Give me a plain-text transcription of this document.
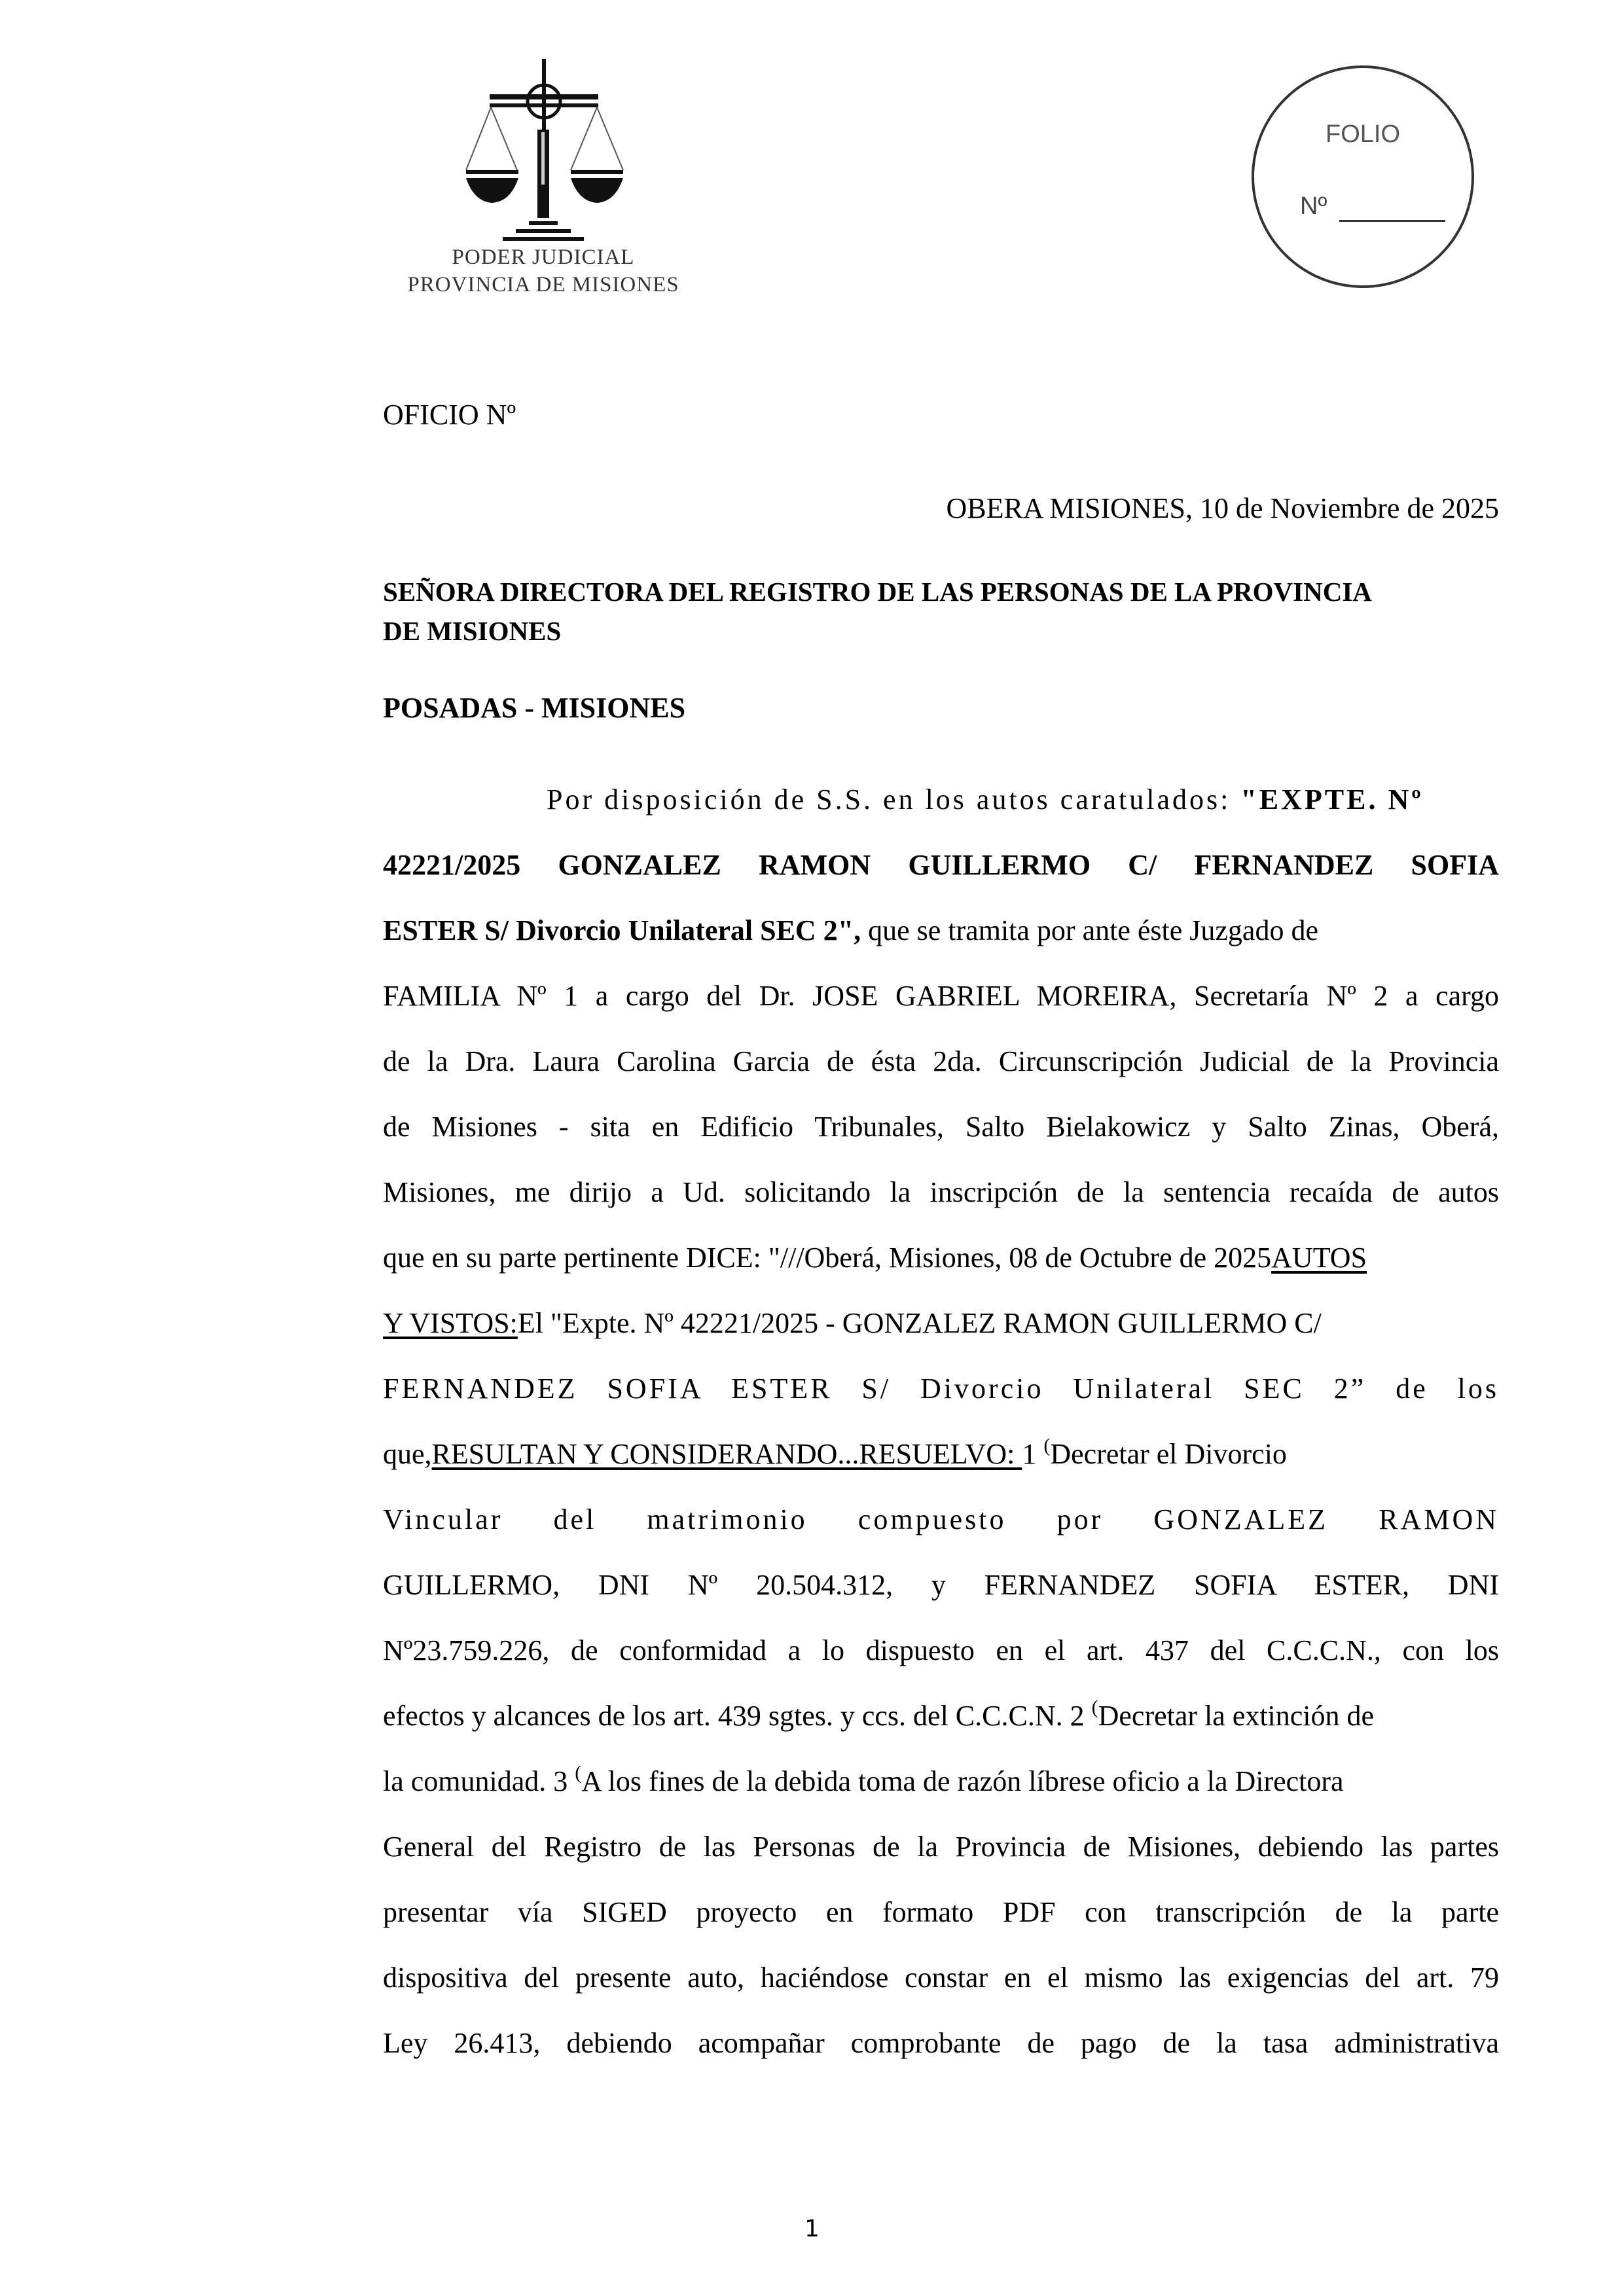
PODER JUDICIAL
PROVINCIA DE MISIONES
FOLIO
Nº
OFICIO Nº
OBERA MISIONES, 10 de Noviembre de 2025
SEÑORA DIRECTORA DEL REGISTRO DE LAS PERSONAS DE LA PROVINCIA
DE MISIONES
POSADAS - MISIONES
Por disposición de S.S. en los autos caratulados: "EXPTE. Nº
42221/2025 GONZALEZ RAMON GUILLERMO C/ FERNANDEZ SOFIA
ESTER S/ Divorcio Unilateral SEC 2", que se tramita por ante éste Juzgado de
FAMILIA Nº 1 a cargo del Dr. JOSE GABRIEL MOREIRA, Secretaría Nº 2 a cargo
de la Dra. Laura Carolina Garcia de ésta 2da. Circunscripción Judicial de la Provincia
de Misiones - sita en Edificio Tribunales, Salto Bielakowicz y Salto Zinas, Oberá,
Misiones, me dirijo a Ud. solicitando la inscripción de la sentencia recaída de autos
que en su parte pertinente DICE: "///Oberá, Misiones, 08 de Octubre de 2025AUTOS
Y VISTOS:El "Expte. Nº 42221/2025 - GONZALEZ RAMON GUILLERMO C/
FERNANDEZ SOFIA ESTER S/ Divorcio Unilateral SEC 2” de los
que,RESULTAN Y CONSIDERANDO...RESUELVO: 1 (Decretar el Divorcio
Vincular del matrimonio compuesto por GONZALEZ RAMON
GUILLERMO, DNI Nº 20.504.312, y FERNANDEZ SOFIA ESTER, DNI
Nº23.759.226, de conformidad a lo dispuesto en el art. 437 del C.C.C.N., con los
efectos y alcances de los art. 439 sgtes. y ccs. del C.C.C.N. 2 (Decretar la extinción de
la comunidad. 3 (A los fines de la debida toma de razón líbrese oficio a la Directora
General del Registro de las Personas de la Provincia de Misiones, debiendo las partes
presentar vía SIGED proyecto en formato PDF con transcripción de la parte
dispositiva del presente auto, haciéndose constar en el mismo las exigencias del art. 79
Ley 26.413, debiendo acompañar comprobante de pago de la tasa administrativa
1
